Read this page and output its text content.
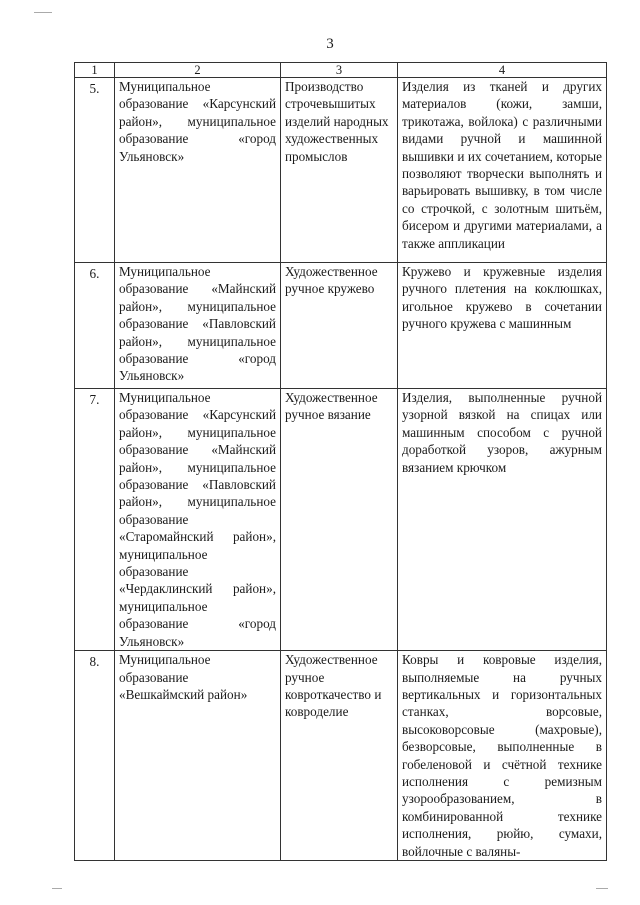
3
1	2	3	4
5.	Муниципальное образование «Карсунский район», муниципальное образование «город Ульяновск»	Производство строчевышитых изделий народных художественных промыслов	Изделия из тканей и других материалов (кожи, замши, трикотажа, войлока) с различными видами ручной и машинной вышивки и их сочетанием, которые позволяют творчески выполнять и варьировать вышивку, в том числе со строчкой, с золотным шитьём, бисером и другими материалами, а также аппликации
6.	Муниципальное образование «Майнский район», муниципальное образование «Павловский район», муниципальное образование «город Ульяновск»	Художественное ручное кружево	Кружево и кружевные изделия ручного плетения на коклюшках, игольное кружево в сочетании ручного кружева с машинным
7.	Муниципальное образование «Карсунский район», муниципальное образование «Майнский район», муниципальное образование «Павловский район», муниципальное образование «Старомайнский район», муниципальное образование «Чердаклинский район», муниципальное образование «город Ульяновск»	Художественное ручное вязание	Изделия, выполненные ручной узорной вязкой на спицах или машинным способом с ручной доработкой узоров, ажурным вязанием крючком
8.	Муниципальное образование «Вешкаймский район»	Художественное ручное ковроткачество и ковроделие	Ковры и ковровые изделия, выполняемые на ручных вертикальных и горизонтальных станках, ворсовые, высоковорсовые (махровые), безворсовые, выполненные в гобеленовой и счётной технике исполнения с ремизным узорообразованием, в комбинированной технике исполнения, рюйю, сумахи, войлочные с валяны-
